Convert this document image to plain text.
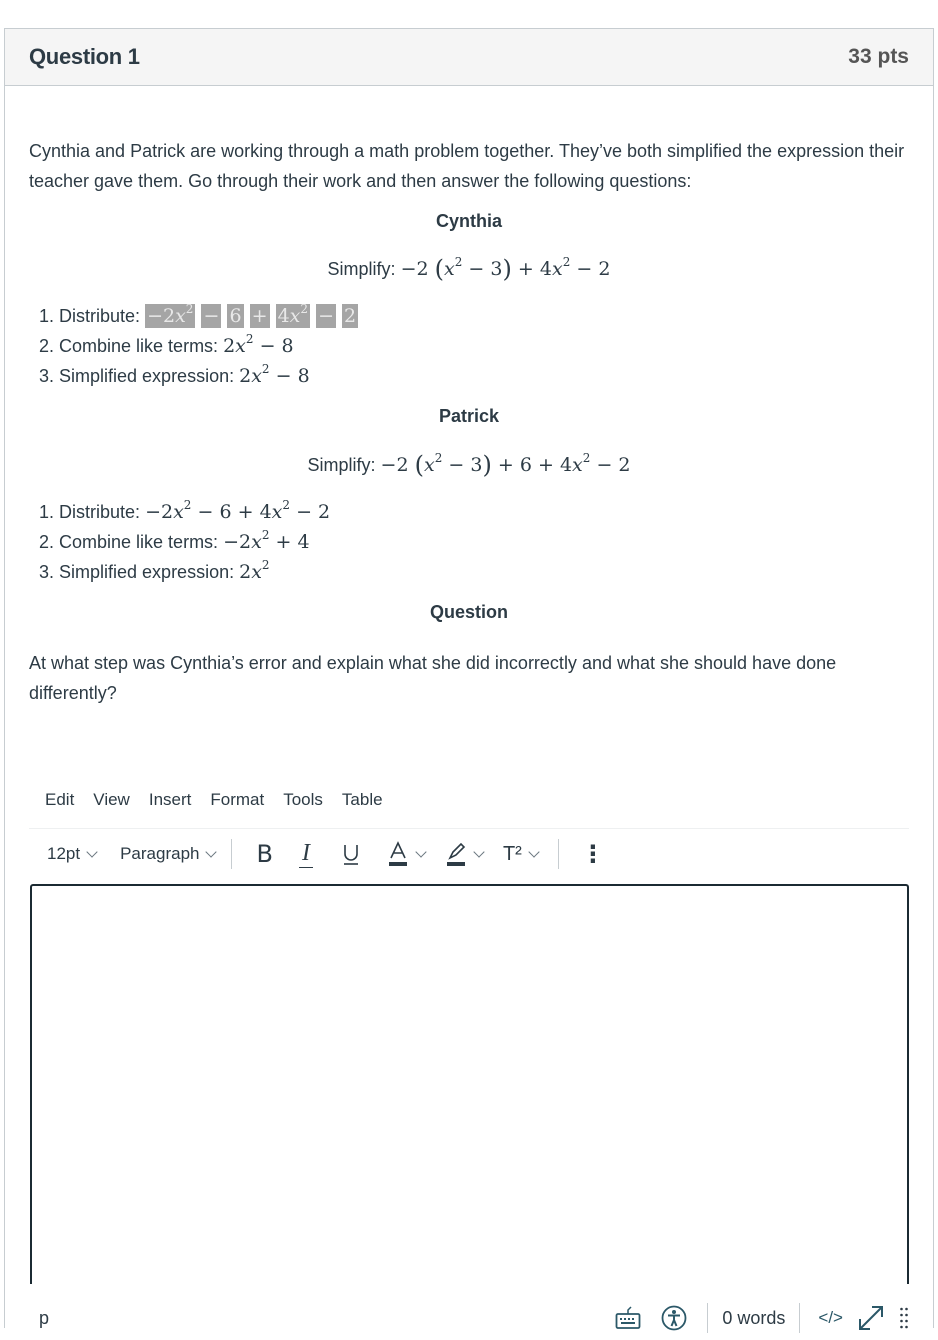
Question 1	33 pts

Cynthia and Patrick are working through a math problem together. They’ve both simplified the expression their teacher gave them. Go through their work and then answer the following questions:

Cynthia
Simplify: −2 $(x^2 - 3) + 4x^2 - 2$
1. Distribute: $-2x^2 - 6 + 4x^2 - 2$
2. Combine like terms: $2x^2 - 8$
3. Simplified expression: $2x^2 - 8$
Patrick
Simplify: −2 $(x^2 - 3) + 6 + 4x^2 - 2$
1. Distribute: $-2x^2 - 6 + 4x^2 - 2$
2. Combine like terms: $-2x^2 + 4$
3. Simplified expression: $2x^2$
Question

At what step was Cynthia’s error and explain what she did incorrectly and what she should have done differently?

Edit View Insert Format Tools Table
12pt Paragraph B I	T² ⋮
p	0 words </>
